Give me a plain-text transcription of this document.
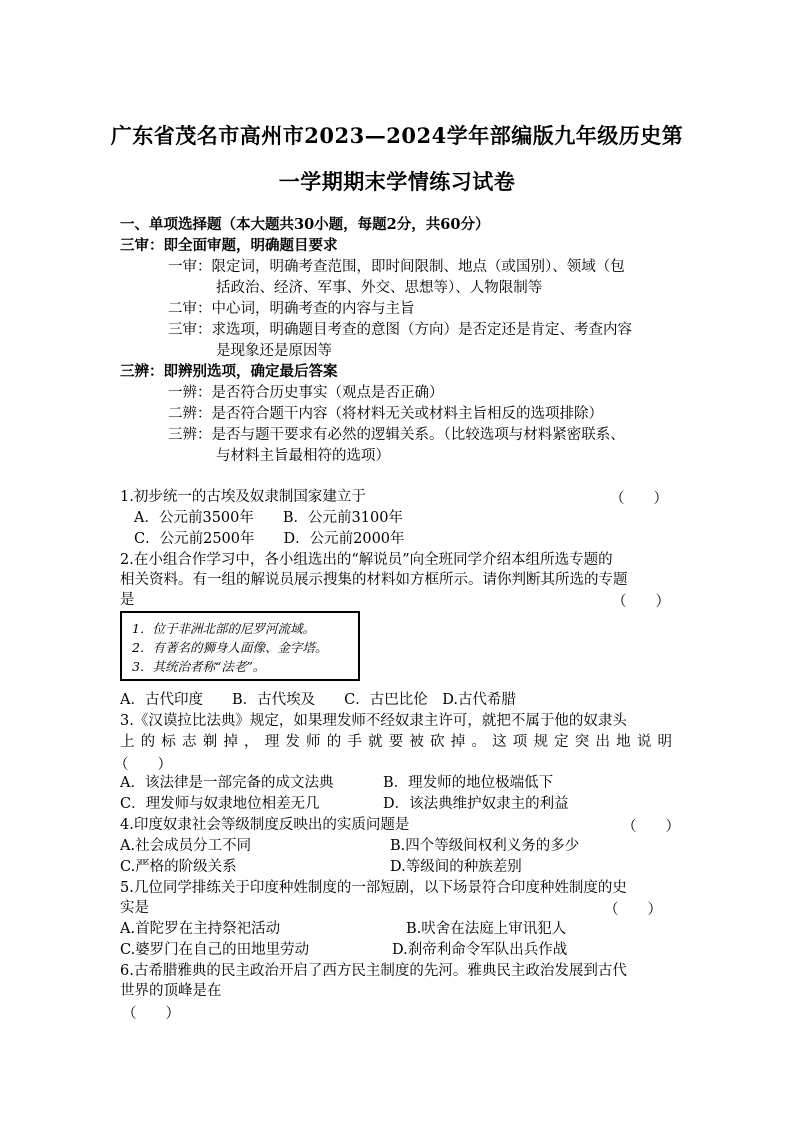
广东省茂名市高州市2023—2024学年部编版九年级历史第
一学期期末学情练习试卷
一、单项选择题（本大题共30小题，每题2分，共60分）
三审：即全面审题，明确题目要求
一审：限定词，明确考查范围，即时间限制、地点（或国别）、领域（包
括政治、经济、军事、外交、思想等）、人物限制等
二审：中心词，明确考查的内容与主旨
三审：求选项，明确题目考查的意图（方向）是否定还是肯定、考查内容
是现象还是原因等
三辨：即辨别选项，确定最后答案
一辨：是否符合历史事实（观点是否正确）
二辨：是否符合题干内容（将材料无关或材料主旨相反的选项排除）
三辨：是否与题干要求有必然的逻辑关系。（比较选项与材料紧密联系、
与材料主旨最相符的选项）
1.初步统一的古埃及奴隶制国家建立于	（　　）
A．公元前3500年　　B．公元前3100年
C．公元前2500年　　D．公元前2000年
2.在小组合作学习中，各小组选出的“解说员”向全班同学介绍本组所选专题的
相关资料。有一组的解说员展示搜集的材料如方框所示。请你判断其所选的专题
是	（　　）
1．位于非洲北部的尼罗河流域。
2．有著名的狮身人面像、金字塔。
3．其统治者称“法老”。
A．古代印度　　B．古代埃及　　C．古巴比伦　D.古代希腊
3.《汉谟拉比法典》规定，如果理发师不经奴隶主许可，就把不属于他的奴隶头
上的标志剃掉，理发师的手就要被砍掉。这项规定突出地说明
（　　）
A．该法律是一部完备的成文法典	B．理发师的地位极端低下
C．理发师与奴隶地位相差无几	D．该法典维护奴隶主的利益
4.印度奴隶社会等级制度反映出的实质问题是	（　　）
A.社会成员分工不同	B.四个等级间权利义务的多少
C.严格的阶级关系	D.等级间的种族差别
5.几位同学排练关于印度种姓制度的一部短剧，以下场景符合印度种姓制度的史
实是	（　　）
A.首陀罗在主持祭祀活动	B.吠舍在法庭上审讯犯人
C.婆罗门在自己的田地里劳动	D.刹帝利命令军队出兵作战
6.古希腊雅典的民主政治开启了西方民主制度的先河。雅典民主政治发展到古代
世界的顶峰是在
（　　）
